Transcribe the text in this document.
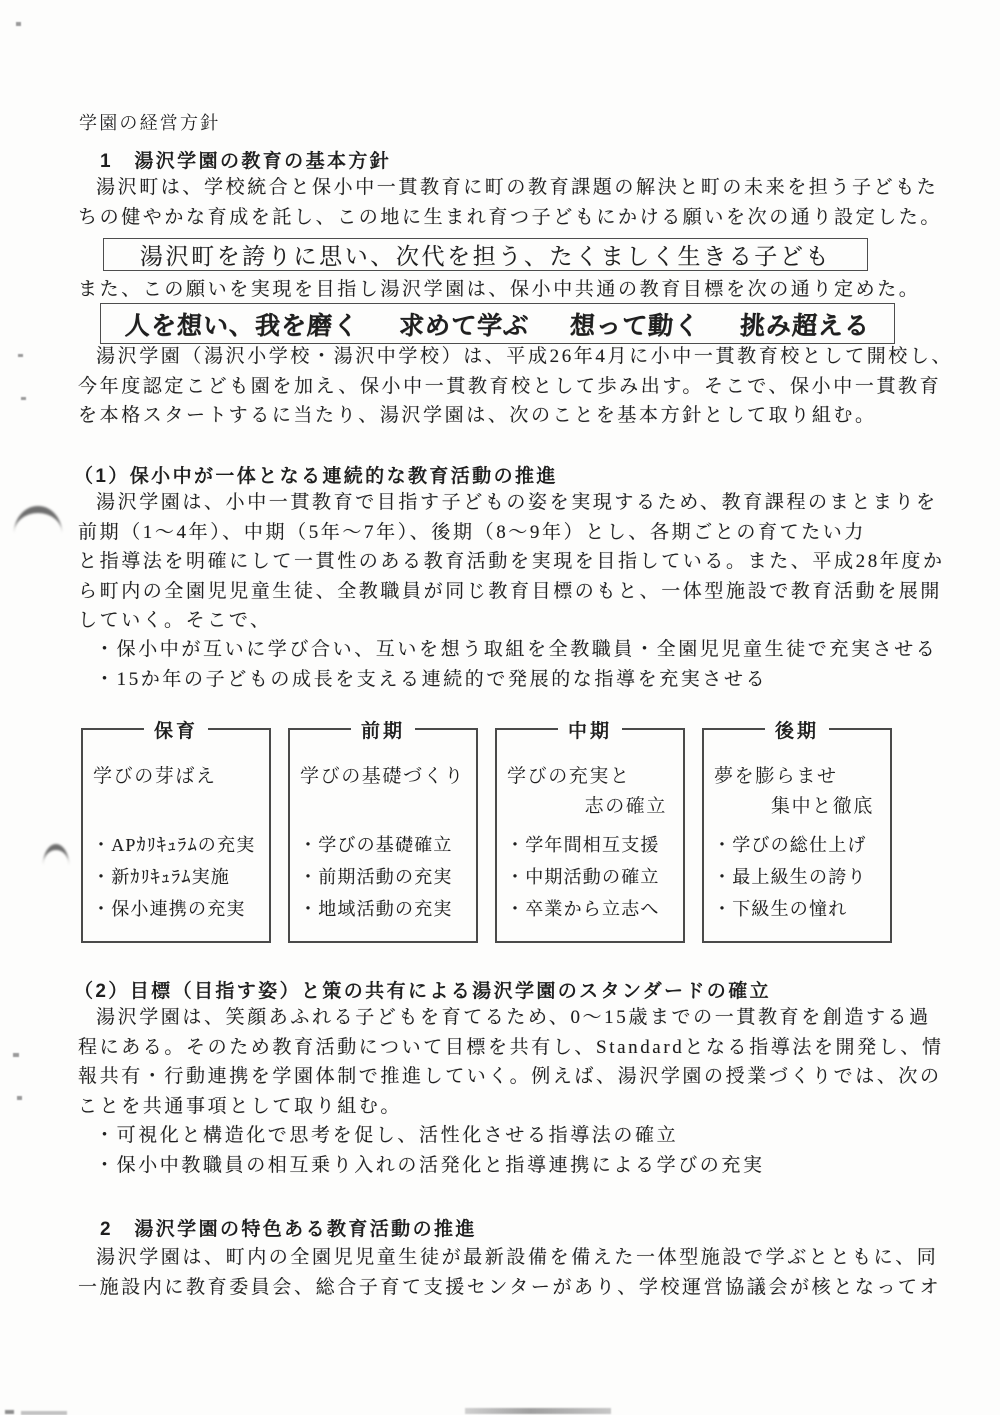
学園の経営方針
1　湯沢学園の教育の基本方針
湯沢町は、学校統合と保小中一貫教育に町の教育課題の解決と町の未来を担う子どもた
ちの健やかな育成を託し、この地に生まれ育つ子どもにかける願いを次の通り設定した。
湯沢町を誇りに思い、次代を担う、たくましく生きる子ども
また、この願いを実現を目指し湯沢学園は、保小中共通の教育目標を次の通り定めた。
人を想い、我を磨く 求めて学ぶ 想って動く 挑み超える
湯沢学園（湯沢小学校・湯沢中学校）は、平成26年4月に小中一貫教育校として開校し、
今年度認定こども園を加え、保小中一貫教育校として歩み出す。そこで、保小中一貫教育
を本格スタートするに当たり、湯沢学園は、次のことを基本方針として取り組む。
（1）保小中が一体となる連続的な教育活動の推進
湯沢学園は、小中一貫教育で目指す子どもの姿を実現するため、教育課程のまとまりを
前期（1～4年）、中期（5年～7年）、後期（8～9年）とし、各期ごとの育てたい力
と指導法を明確にして一貫性のある教育活動を実現を目指している。また、平成28年度か
ら町内の全園児児童生徒、全教職員が同じ教育目標のもと、一体型施設で教育活動を展開
していく。そこで、
・保小中が互いに学び合い、互いを想う取組を全教職員・全園児児童生徒で充実させる
・15か年の子どもの成長を支える連続的で発展的な指導を充実させる
保育
学びの芽ばえ
・APｶﾘｷｭﾗﾑの充実
・新ｶﾘｷｭﾗﾑ実施
・保小連携の充実
前期
学びの基礎づくり
・学びの基礎確立
・前期活動の充実
・地域活動の充実
中期
学びの充実と
志の確立
・学年間相互支援
・中期活動の確立
・卒業から立志へ
後期
夢を膨らませ
集中と徹底
・学びの総仕上げ
・最上級生の誇り
・下級生の憧れ
（2）目標（目指す姿）と策の共有による湯沢学園のスタンダードの確立
湯沢学園は、笑顔あふれる子どもを育てるため、0～15歳までの一貫教育を創造する過
程にある。そのため教育活動について目標を共有し、Standardとなる指導法を開発し、情
報共有・行動連携を学園体制で推進していく。例えば、湯沢学園の授業づくりでは、次の
ことを共通事項として取り組む。
・可視化と構造化で思考を促し、活性化させる指導法の確立
・保小中教職員の相互乗り入れの活発化と指導連携による学びの充実
2　湯沢学園の特色ある教育活動の推進
湯沢学園は、町内の全園児児童生徒が最新設備を備えた一体型施設で学ぶとともに、同
一施設内に教育委員会、総合子育て支援センターがあり、学校運営協議会が核となってオ
